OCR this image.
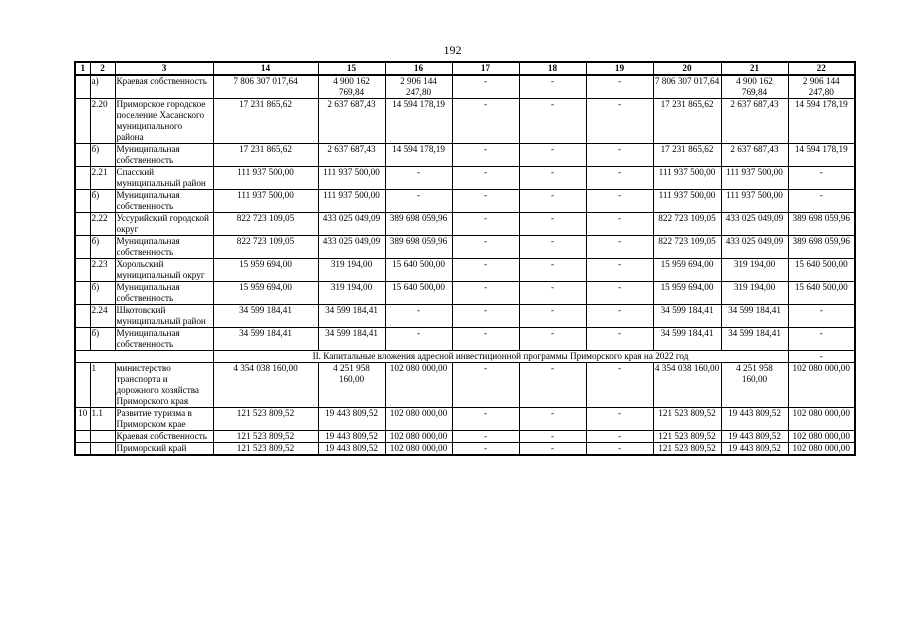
192
1	2	3	14	15	16	17	18	19	20	21	22
	а)	Краевая собственность	7 806 307 017,64	4 900 162 769,84	2 906 144 247,80	-	-	-	7 806 307 017,64	4 900 162 769,84	2 906 144 247,80
	2.20	Приморское городское поселение Хасанского муниципального района	17 231 865,62	2 637 687,43	14 594 178,19	-	-	-	17 231 865,62	2 637 687,43	14 594 178,19
	б)	Муниципальная собственность	17 231 865,62	2 637 687,43	14 594 178,19	-	-	-	17 231 865,62	2 637 687,43	14 594 178,19
	2.21	Спасский муниципальный район	111 937 500,00	111 937 500,00	-	-	-	-	111 937 500,00	111 937 500,00	-
	б)	Муниципальная собственность	111 937 500,00	111 937 500,00	-	-	-	-	111 937 500,00	111 937 500,00	-
	2.22	Уссурийский городской округ	822 723 109,05	433 025 049,09	389 698 059,96	-	-	-	822 723 109,05	433 025 049,09	389 698 059,96
	б)	Муниципальная собственность	822 723 109,05	433 025 049,09	389 698 059,96	-	-	-	822 723 109,05	433 025 049,09	389 698 059,96
	2.23	Хорольский муниципальный округ	15 959 694,00	319 194,00	15 640 500,00	-	-	-	15 959 694,00	319 194,00	15 640 500,00
	б)	Муниципальная собственность	15 959 694,00	319 194,00	15 640 500,00	-	-	-	15 959 694,00	319 194,00	15 640 500,00
	2.24	Шкотовский муниципальный район	34 599 184,41	34 599 184,41	-	-	-	-	34 599 184,41	34 599 184,41	-
	б)	Муниципальная собственность	34 599 184,41	34 599 184,41	-	-	-	-	34 599 184,41	34 599 184,41	-
			II. Капитальные вложения адресной инвестиционной программы Приморского края на 2022 год								-
	1	министерство транспорта и дорожного хозяйства Приморского края	4 354 038 160,00	4 251 958 160,00	102 080 000,00	-	-	-	4 354 038 160,00	4 251 958 160,00	102 080 000,00
10	1.1	Развитие туризма в Приморском крае	121 523 809,52	19 443 809,52	102 080 000,00	-	-	-	121 523 809,52	19 443 809,52	102 080 000,00
		Краевая собственность	121 523 809,52	19 443 809,52	102 080 000,00	-	-	-	121 523 809,52	19 443 809,52	102 080 000,00
		Приморский край	121 523 809,52	19 443 809,52	102 080 000,00	-	-	-	121 523 809,52	19 443 809,52	102 080 000,00
